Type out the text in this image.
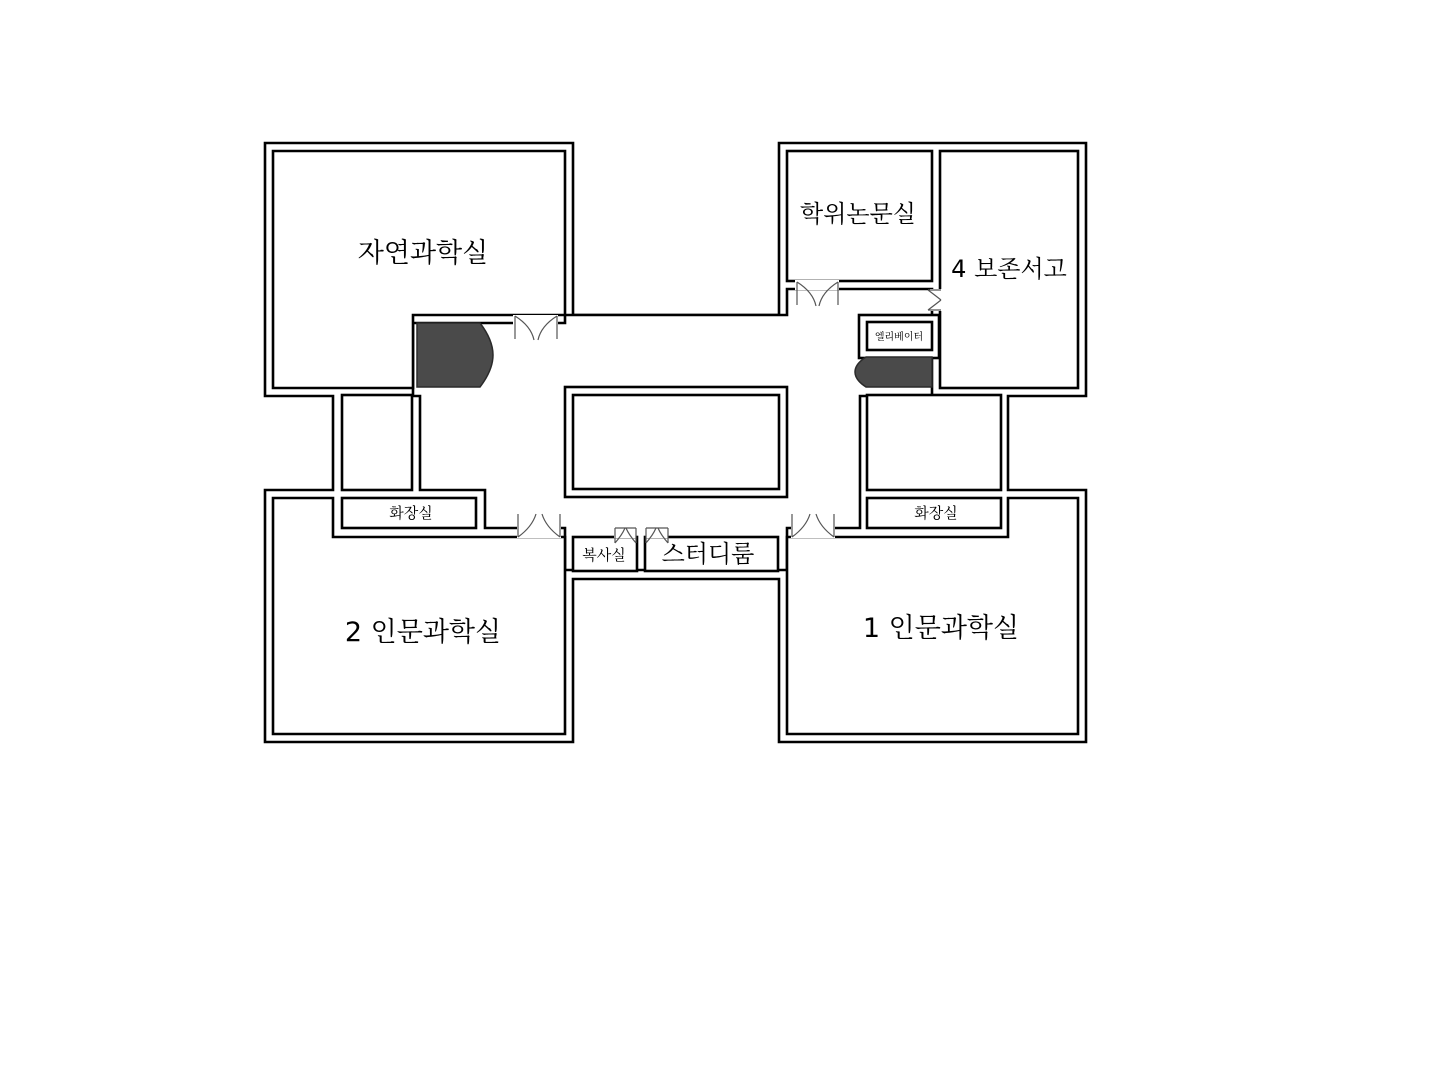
자연과학실
학위논문실
4 보존서고
엘리베이터
화장실	화장실
복사실 스터디룸
2 인문과학실	1 인문과학실
